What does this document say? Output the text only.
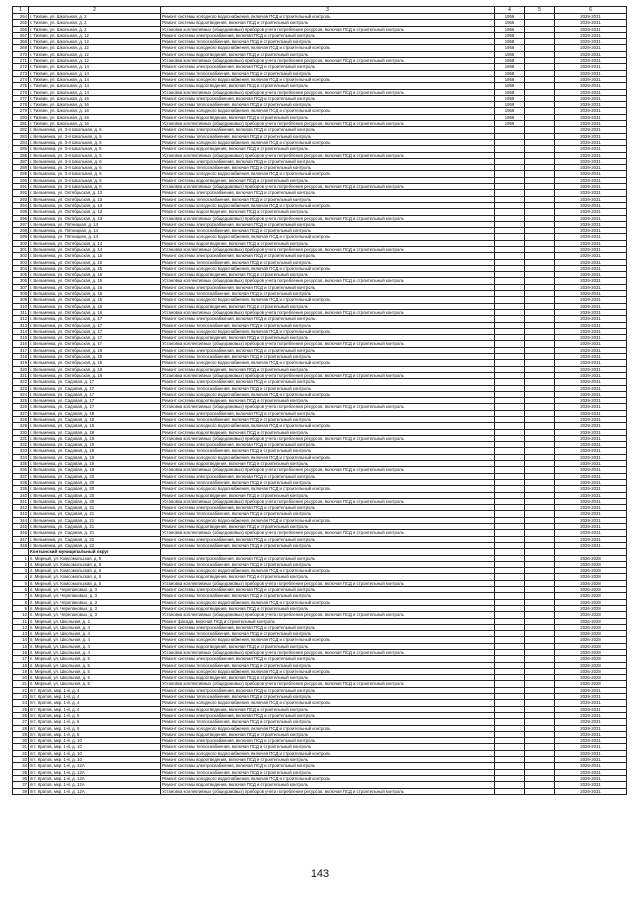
1	2	3	4	5	6
264	г. Тихвин, ул. Школьная, д. 2	Ремонт системы холодного водоснабжения, включая ПСД и строительный контроль	1956		2029-2031
265	г. Тихвин, ул. Школьная, д. 2	Ремонт системы водоотведения, включая ПСД и строительный контроль	1956		2029-2031
266	г. Тихвин, ул. Школьная, д. 2	Установка коллективных (общедомовых) приборов учета потребления ресурсов, включая ПСД и строительный контроль	1956		2029-2031
267	г. Тихвин, ул. Школьная, д. 12	Ремонт системы электроснабжения, включая ПСД и строительный контроль	1958		2029-2031
268	г. Тихвин, ул. Школьная, д. 12	Ремонт системы теплоснабжения, включая ПСД и строительный контроль	1958		2029-2031
269	г. Тихвин, ул. Школьная, д. 12	Ремонт системы холодного водоснабжения, включая ПСД и строительный контроль	1958		2029-2031
270	г. Тихвин, ул. Школьная, д. 12	Ремонт системы водоотведения, включая ПСД и строительный контроль	1958		2029-2031
271	г. Тихвин, ул. Школьная, д. 12	Установка коллективных (общедомовых) приборов учета потребления ресурсов, включая ПСД и строительный контроль	1958		2029-2031
272	г. Тихвин, ул. Школьная, д. 14	Ремонт системы электроснабжения, включая ПСД и строительный контроль	1958		2029-2031
273	г. Тихвин, ул. Школьная, д. 14	Ремонт системы теплоснабжения, включая ПСД и строительный контроль	1958		2029-2031
274	г. Тихвин, ул. Школьная, д. 14	Ремонт системы холодного водоснабжения, включая ПСД и строительный контроль	1958		2029-2031
275	г. Тихвин, ул. Школьная, д. 14	Ремонт системы водоотведения, включая ПСД и строительный контроль	1958		2029-2031
276	г. Тихвин, ул. Школьная, д. 14	Установка коллективных (общедомовых) приборов учета потребления ресурсов, включая ПСД и строительный контроль	1958		2029-2031
277	г. Тихвин, ул. Школьная, д. 16	Ремонт системы электроснабжения, включая ПСД и строительный контроль	1959		2029-2031
278	г. Тихвин, ул. Школьная, д. 16	Ремонт системы теплоснабжения, включая ПСД и строительный контроль	1959		2029-2031
279	г. Тихвин, ул. Школьная, д. 16	Ремонт системы холодного водоснабжения, включая ПСД и строительный контроль	1959		2029-2031
280	г. Тихвин, ул. Школьная, д. 16	Ремонт системы водоотведения, включая ПСД и строительный контроль	1959		2029-2031
281	г. Тихвин, ул. Школьная, д. 16	Установка коллективных (общедомовых) приборов учета потребления ресурсов, включая ПСД и строительный контроль	1959		2029-2031
282	г. Вельмянка, ул. 3-я Школьная, д. 5	Ремонт системы электроснабжения, включая ПСД и строительный контроль			2029-2031
283	г. Вельмянка, ул. 3-я Школьная, д. 5	Ремонт системы теплоснабжения, включая ПСД и строительный контроль			2029-2031
284	г. Вельмянка, ул. 3-я Школьная, д. 5	Ремонт системы холодного водоснабжения, включая ПСД и строительный контроль			2029-2031
285	г. Вельмянка, ул. 3-я Школьная, д. 5	Ремонт системы водоотведения, включая ПСД и строительный контроль			2029-2031
286	г. Вельмянка, ул. 3-я Школьная, д. 5	Установка коллективных (общедомовых) приборов учета потребления ресурсов, включая ПСД и строительный контроль			2029-2031
287	г. Вельмянка, ул. 3-я Школьная, д. 6	Ремонт системы электроснабжения, включая ПСД и строительный контроль			2029-2031
288	г. Вельмянка, ул. 3-я Школьная, д. 6	Ремонт системы теплоснабжения, включая ПСД и строительный контроль			2029-2031
289	г. Вельмянка, ул. 3-я Школьная, д. 6	Ремонт системы холодного водоснабжения, включая ПСД и строительный контроль			2029-2031
290	г. Вельмянка, ул. 3-я Школьная, д. 6	Ремонт системы водоотведения, включая ПСД и строительный контроль			2029-2031
291	г. Вельмянка, ул. 3-я Школьная, д. 6	Установка коллективных (общедомовых) приборов учета потребления ресурсов, включая ПСД и строительный контроль			2029-2031
292	г. Вельмянка, ул. Октябрьская, д. 13	Ремонт системы электроснабжения, включая ПСД и строительный контроль			2029-2031
293	г. Вельмянка, ул. Октябрьская, д. 13	Ремонт системы теплоснабжения, включая ПСД и строительный контроль			2029-2031
294	г. Вельмянка, ул. Октябрьская, д. 13	Ремонт системы холодного водоснабжения, включая ПСД и строительный контроль			2029-2031
295	г. Вельмянка, ул. Октябрьская, д. 13	Ремонт системы водоотведения, включая ПСД и строительный контроль			2029-2031
296	г. Вельмянка, ул. Октябрьская, д. 13	Установка коллективных (общедомовых) приборов учета потребления ресурсов, включая ПСД и строительный контроль			2029-2031
297	г. Вельмянка, ул. Пятницкая, д. 14	Ремонт системы электроснабжения, включая ПСД и строительный контроль			2029-2031
298	г. Вельмянка, ул. Пятницкая, д. 14	Ремонт системы теплоснабжения, включая ПСД и строительный контроль			2029-2031
299	г. Вельмянка, ул. Пятницкая, д. 14	Ремонт системы холодного водоснабжения, включая ПСД и строительный контроль			2029-2031
300	г. Вельмянка, ул. Октябрьская, д. 14	Ремонт системы водоотведения, включая ПСД и строительный контроль			2029-2031
301	г. Вельмянка, ул. Октябрьская, д. 14	Установка коллективных (общедомовых) приборов учета потребления ресурсов, включая ПСД и строительный контроль			2029-2031
302	г. Вельмянка, ул. Октябрьская, д. 15	Ремонт системы электроснабжения, включая ПСД и строительный контроль			2029-2031
303	г. Вельмянка, ул. Октябрьская, д. 15	Ремонт системы теплоснабжения, включая ПСД и строительный контроль			2029-2031
304	г. Вельмянка, ул. Октябрьская, д. 15	Ремонт системы холодного водоснабжения, включая ПСД и строительный контроль			2029-2031
305	г. Вельмянка, ул. Октябрьская, д. 15	Ремонт системы водоотведения, включая ПСД и строительный контроль			2029-2031
306	г. Вельмянка, ул. Октябрьская, д. 15	Установка коллективных (общедомовых) приборов учета потребления ресурсов, включая ПСД и строительный контроль			2029-2031
307	г. Вельмянка, ул. Октябрьская, д. 16	Ремонт системы электроснабжения, включая ПСД и строительный контроль			2029-2031
308	г. Вельмянка, ул. Октябрьская, д. 16	Ремонт системы теплоснабжения, включая ПСД и строительный контроль			2029-2031
309	г. Вельмянка, ул. Октябрьская, д. 16	Ремонт системы холодного водоснабжения, включая ПСД и строительный контроль			2029-2031
310	г. Вельмянка, ул. Октябрьская, д. 16	Ремонт системы водоотведения, включая ПСД и строительный контроль			2029-2031
311	г. Вельмянка, ул. Октябрьская, д. 16	Установка коллективных (общедомовых) приборов учета потребления ресурсов, включая ПСД и строительный контроль			2029-2031
312	г. Вельмянка, ул. Октябрьская, д. 17	Ремонт системы электроснабжения, включая ПСД и строительный контроль			2029-2031
313	г. Вельмянка, ул. Октябрьская, д. 17	Ремонт системы теплоснабжения, включая ПСД и строительный контроль			2029-2031
314	г. Вельмянка, ул. Октябрьская, д. 17	Ремонт системы холодного водоснабжения, включая ПСД и строительный контроль			2029-2031
315	г. Вельмянка, ул. Октябрьская, д. 17	Ремонт системы водоотведения, включая ПСД и строительный контроль			2029-2031
316	г. Вельмянка, ул. Октябрьская, д. 17	Установка коллективных (общедомовых) приборов учета потребления ресурсов, включая ПСД и строительный контроль			2029-2031
317	г. Вельмянка, ул. Октябрьская, д. 18	Ремонт системы электроснабжения, включая ПСД и строительный контроль			2029-2031
318	г. Вельмянка, ул. Октябрьская, д. 18	Ремонт системы теплоснабжения, включая ПСД и строительный контроль			2029-2031
319	г. Вельмянка, ул. Октябрьская, д. 18	Ремонт системы холодного водоснабжения, включая ПСД и строительный контроль			2029-2031
320	г. Вельмянка, ул. Октябрьская, д. 18	Ремонт системы водоотведения, включая ПСД и строительный контроль			2029-2031
321	г. Вельмянка, ул. Октябрьская, д. 18	Установка коллективных (общедомовых) приборов учета потребления ресурсов, включая ПСД и строительный контроль			2029-2031
322	г. Вельмянка, ул. Садовая, д. 17	Ремонт системы электроснабжения, включая ПСД и строительный контроль			2029-2031
323	г. Вельмянка, ул. Садовая, д. 17	Ремонт системы теплоснабжения, включая ПСД и строительный контроль			2029-2031
324	г. Вельмянка, ул. Садовая, д. 17	Ремонт системы холодного водоснабжения, включая ПСД и строительный контроль			2029-2031
325	г. Вельмянка, ул. Садовая, д. 17	Ремонт системы водоотведения, включая ПСД и строительный контроль			2029-2031
326	г. Вельмянка, ул. Садовая, д. 17	Установка коллективных (общедомовых) приборов учета потребления ресурсов, включая ПСД и строительный контроль			2029-2031
327	г. Вельмянка, ул. Садовая, д. 18	Ремонт системы электроснабжения, включая ПСД и строительный контроль			2029-2031
328	г. Вельмянка, ул. Садовая, д. 18	Ремонт системы теплоснабжения, включая ПСД и строительный контроль			2029-2031
329	г. Вельмянка, ул. Садовая, д. 18	Ремонт системы холодного водоснабжения, включая ПСД и строительный контроль			2029-2031
330	г. Вельмянка, ул. Садовая, д. 18	Ремонт системы водоотведения, включая ПСД и строительный контроль			2029-2031
331	г. Вельмянка, ул. Садовая, д. 18	Установка коллективных (общедомовых) приборов учета потребления ресурсов, включая ПСД и строительный контроль			2029-2031
332	г. Вельмянка, ул. Садовая, д. 19	Ремонт системы электроснабжения, включая ПСД и строительный контроль			2029-2031
333	г. Вельмянка, ул. Садовая, д. 19	Ремонт системы теплоснабжения, включая ПСД и строительный контроль			2029-2031
334	г. Вельмянка, ул. Садовая, д. 19	Ремонт системы холодного водоснабжения, включая ПСД и строительный контроль			2029-2031
335	г. Вельмянка, ул. Садовая, д. 19	Ремонт системы водоотведения, включая ПСД и строительный контроль			2029-2031
336	г. Вельмянка, ул. Садовая, д. 19	Установка коллективных (общедомовых) приборов учета потребления ресурсов, включая ПСД и строительный контроль			2029-2031
337	г. Вельмянка, ул. Садовая, д. 20	Ремонт системы электроснабжения, включая ПСД и строительный контроль			2029-2031
338	г. Вельмянка, ул. Садовая, д. 20	Ремонт системы теплоснабжения, включая ПСД и строительный контроль			2029-2031
339	г. Вельмянка, ул. Садовая, д. 20	Ремонт системы холодного водоснабжения, включая ПСД и строительный контроль			2029-2031
340	г. Вельмянка, ул. Садовая, д. 20	Ремонт системы водоотведения, включая ПСД и строительный контроль			2029-2031
341	г. Вельмянка, ул. Садовая, д. 20	Установка коллективных (общедомовых) приборов учета потребления ресурсов, включая ПСД и строительный контроль			2029-2031
342	г. Вельмянка, ул. Садовая, д. 21	Ремонт системы электроснабжения, включая ПСД и строительный контроль			2029-2031
343	г. Вельмянка, ул. Садовая, д. 21	Ремонт системы теплоснабжения, включая ПСД и строительный контроль			2029-2031
344	г. Вельмянка, ул. Садовая, д. 21	Ремонт системы холодного водоснабжения, включая ПСД и строительный контроль			2029-2031
345	г. Вельмянка, ул. Садовая, д. 21	Ремонт системы водоотведения, включая ПСД и строительный контроль			2029-2031
346	г. Вельмянка, ул. Садовая, д. 21	Установка коллективных (общедомовых) приборов учета потребления ресурсов, включая ПСД и строительный контроль			2029-2031
347	г. Вельмянка, ул. Садовая, д. 22	Ремонт системы электроснабжения, включая ПСД и строительный контроль			2029-2031
348	г. Вельмянка, ул. Садовая, д. 22	Ремонт системы теплоснабжения, включая ПСД и строительный контроль			2029-2031
	Контынский муниципальный округ				
1	п. Мирный, ул. Комсомольская, д. 5	Ремонт системы электроснабжения, включая ПСД и строительный контроль			2026-2028
2	п. Мирный, ул. Комсомольская, д. 5	Ремонт системы теплоснабжения, включая ПСД и строительный контроль			2026-2028
3	п. Мирный, ул. Комсомольская, д. 5	Ремонт системы холодного водоснабжения, включая ПСД и строительный контроль			2026-2028
4	п. Мирный, ул. Комсомольская, д. 5	Ремонт системы водоотведения, включая ПСД и строительный контроль			2026-2028
5	п. Мирный, ул. Комсомольская, д. 5	Установка коллективных (общедомовых) приборов учета потребления ресурсов, включая ПСД и строительный контроль			2026-2028
6	п. Мирный, ул. Черепановых, д. 3	Ремонт системы электроснабжения, включая ПСД и строительный контроль			2026-2028
7	п. Мирный, ул. Черепановых, д. 3	Ремонт системы теплоснабжения, включая ПСД и строительный контроль			2026-2028
8	п. Мирный, ул. Черепановых, д. 3	Ремонт системы холодного водоснабжения, включая ПСД и строительный контроль			2026-2028
9	п. Мирный, ул. Черепановых, д. 3	Ремонт системы водоотведения, включая ПСД и строительный контроль			2026-2028
10	п. Мирный, ул. Черепановых, д. 3	Установка коллективных (общедомовых) приборов учета потребления ресурсов, включая ПСД и строительный контроль			2026-2028
11	п. Мирный, ул. Школьная, д. 2	Ремонт фасада, включая ПСД и строительный контроль			2026-2028
12	п. Мирный, ул. Школьная, д. 4	Ремонт системы электроснабжения, включая ПСД и строительный контроль			2026-2028
13	п. Мирный, ул. Школьная, д. 4	Ремонт системы теплоснабжения, включая ПСД и строительный контроль			2026-2028
14	п. Мирный, ул. Школьная, д. 4	Ремонт системы холодного водоснабжения, включая ПСД и строительный контроль			2026-2028
15	п. Мирный, ул. Школьная, д. 4	Ремонт системы водоотведения, включая ПСД и строительный контроль			2026-2028
16	п. Мирный, ул. Школьная, д. 4	Установка коллективных (общедомовых) приборов учета потребления ресурсов, включая ПСД и строительный контроль			2026-2028
17	п. Мирный, ул. Школьная, д. 5	Ремонт системы электроснабжения, включая ПСД и строительный контроль			2026-2028
18	п. Мирный, ул. Школьная, д. 5	Ремонт системы теплоснабжения, включая ПСД и строительный контроль			2026-2028
19	п. Мирный, ул. Школьная, д. 5	Ремонт системы холодного водоснабжения, включая ПСД и строительный контроль			2026-2028
20	п. Мирный, ул. Школьная, д. 5	Ремонт системы водоотведения, включая ПСД и строительный контроль			2026-2028
21	п. Мирный, ул. Школьная, д. 5	Установка коллективных (общедомовых) приборов учета потребления ресурсов, включая ПСД и строительный контроль			2026-2028
22	пгт. Кратов, мкр. 1-й, д. 4	Ремонт системы электроснабжения, включая ПСД и строительный контроль			2029-2031
23	пгт. Кратов, мкр. 1-й, д. 4	Ремонт системы теплоснабжения, включая ПСД и строительный контроль			2029-2031
24	пгт. Кратов, мкр. 1-й, д. 4	Ремонт системы холодного водоснабжения, включая ПСД и строительный контроль			2029-2031
25	пгт. Кратов, мкр. 1-й, д. 4	Ремонт системы водоотведения, включая ПСД и строительный контроль			2029-2031
26	пгт. Кратов, мкр. 1-й, д. 5	Ремонт системы электроснабжения, включая ПСД и строительный контроль			2029-2031
27	пгт. Кратов, мкр. 1-й, д. 5	Ремонт системы теплоснабжения, включая ПСД и строительный контроль			2029-2031
28	пгт. Кратов, мкр. 1-й, д. 5	Ремонт системы холодного водоснабжения, включая ПСД и строительный контроль			2029-2031
29	пгт. Кратов, мкр. 1-й, д. 5	Ремонт системы водоотведения, включая ПСД и строительный контроль			2029-2031
30	пгт. Кратов, мкр. 1-й, д. 10	Ремонт системы электроснабжения, включая ПСД и строительный контроль			2029-2031
31	пгт. Кратов, мкр. 1-й, д. 10	Ремонт системы теплоснабжения, включая ПСД и строительный контроль			2029-2031
32	пгт. Кратов, мкр. 1-й, д. 10	Ремонт системы холодного водоснабжения, включая ПСД и строительный контроль			2029-2031
33	пгт. Кратов, мкр. 1-й, д. 10	Ремонт системы водоотведения, включая ПСД и строительный контроль			2029-2031
34	пгт. Кратов, мкр. 1-й, д. 12А	Ремонт системы электроснабжения, включая ПСД и строительный контроль			2029-2031
35	пгт. Кратов, мкр. 1-й, д. 12А	Ремонт системы теплоснабжения, включая ПСД и строительный контроль			2029-2031
36	пгт. Кратов, мкр. 1-й, д. 12А	Ремонт системы холодного водоснабжения, включая ПСД и строительный контроль			2029-2031
37	пгт. Кратов, мкр. 1-й, д. 12А	Ремонт системы водоотведения, включая ПСД и строительный контроль			2029-2031
38	пгт. Кратов, мкр. 1-й, д. 12А	Установка коллективных (общедомовых) приборов учета потребления ресурсов, включая ПСД и строительный контроль			2029-2031
143
